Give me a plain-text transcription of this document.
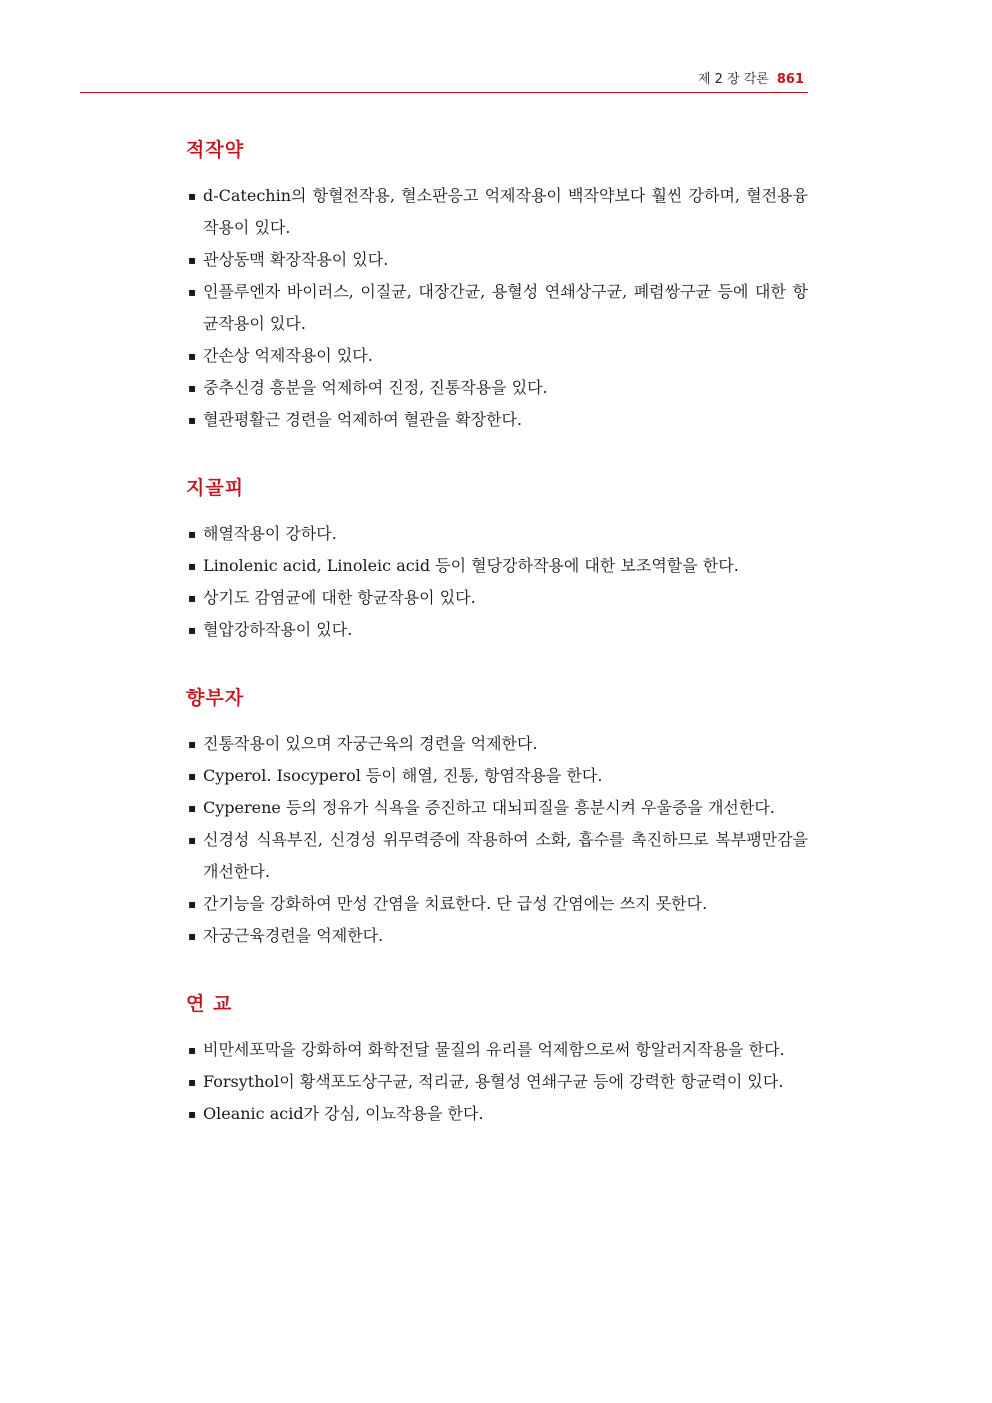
제 2 장 각론 861
적작약
▪ d-Catechin의 항혈전작용, 혈소판응고 억제작용이 백작약보다 훨씬 강하며, 혈전용융작용이 있다.
▪ 관상동맥 확장작용이 있다.
▪ 인플루엔자 바이러스, 이질균, 대장간균, 용혈성 연쇄상구균, 폐렴쌍구균 등에 대한 항균작용이 있다.
▪ 간손상 억제작용이 있다.
▪ 중추신경 흥분을 억제하여 진정, 진통작용을 있다.
▪ 혈관평활근 경련을 억제하여 혈관을 확장한다.
지골피
▪ 해열작용이 강하다.
▪ Linolenic acid, Linoleic acid 등이 혈당강하작용에 대한 보조역할을 한다.
▪ 상기도 감염균에 대한 항균작용이 있다.
▪ 혈압강하작용이 있다.
향부자
▪ 진통작용이 있으며 자궁근육의 경련을 억제한다.
▪ Cyperol. Isocyperol 등이 해열, 진통, 항염작용을 한다.
▪ Cyperene 등의 정유가 식욕을 증진하고 대뇌피질을 흥분시켜 우울증을 개선한다.
▪ 신경성 식욕부진, 신경성 위무력증에 작용하여 소화, 흡수를 촉진하므로 복부팽만감을 개선한다.
▪ 간기능을 강화하여 만성 간염을 치료한다. 단 급성 간염에는 쓰지 못한다.
▪ 자궁근육경련을 억제한다.
연 교
▪ 비만세포막을 강화하여 화학전달 물질의 유리를 억제함으로써 항알러지작용을 한다.
▪ Forsythol이 황색포도상구균, 적리균, 용혈성 연쇄구균 등에 강력한 항균력이 있다.
▪ Oleanic acid가 강심, 이뇨작용을 한다.
